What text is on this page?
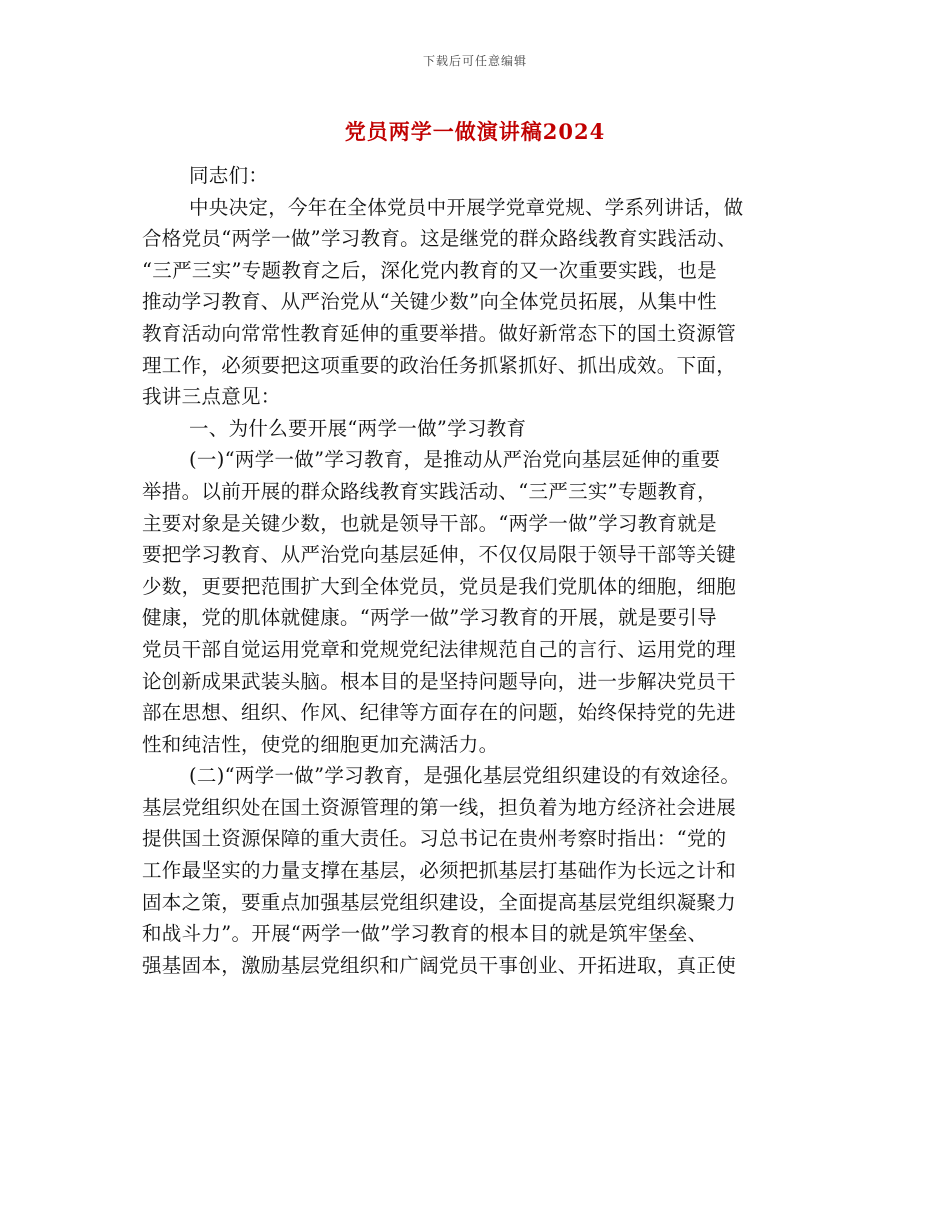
下载后可任意编辑
党员两学一做演讲稿2024
同志们：
中央决定，今年在全体党员中开展学党章党规、学系列讲话，做
合格党员“两学一做”学习教育。这是继党的群众路线教育实践活动、
“三严三实”专题教育之后，深化党内教育的又一次重要实践，也是
推动学习教育、从严治党从“关键少数”向全体党员拓展，从集中性
教育活动向常常性教育延伸的重要举措。做好新常态下的国土资源管
理工作，必须要把这项重要的政治任务抓紧抓好、抓出成效。下面，
我讲三点意见：
一、为什么要开展“两学一做”学习教育
(一)“两学一做”学习教育，是推动从严治党向基层延伸的重要
举措。以前开展的群众路线教育实践活动、“三严三实”专题教育，
主要对象是关键少数，也就是领导干部。“两学一做”学习教育就是
要把学习教育、从严治党向基层延伸，不仅仅局限于领导干部等关键
少数，更要把范围扩大到全体党员，党员是我们党肌体的细胞，细胞
健康，党的肌体就健康。“两学一做”学习教育的开展，就是要引导
党员干部自觉运用党章和党规党纪法律规范自己的言行、运用党的理
论创新成果武装头脑。根本目的是坚持问题导向，进一步解决党员干
部在思想、组织、作风、纪律等方面存在的问题，始终保持党的先进
性和纯洁性，使党的细胞更加充满活力。
(二)“两学一做”学习教育，是强化基层党组织建设的有效途径。
基层党组织处在国土资源管理的第一线，担负着为地方经济社会进展
提供国土资源保障的重大责任。习总书记在贵州考察时指出：“党的
工作最坚实的力量支撑在基层，必须把抓基层打基础作为长远之计和
固本之策，要重点加强基层党组织建设，全面提高基层党组织凝聚力
和战斗力”。开展“两学一做”学习教育的根本目的就是筑牢堡垒、
强基固本，激励基层党组织和广阔党员干事创业、开拓进取，真正使
